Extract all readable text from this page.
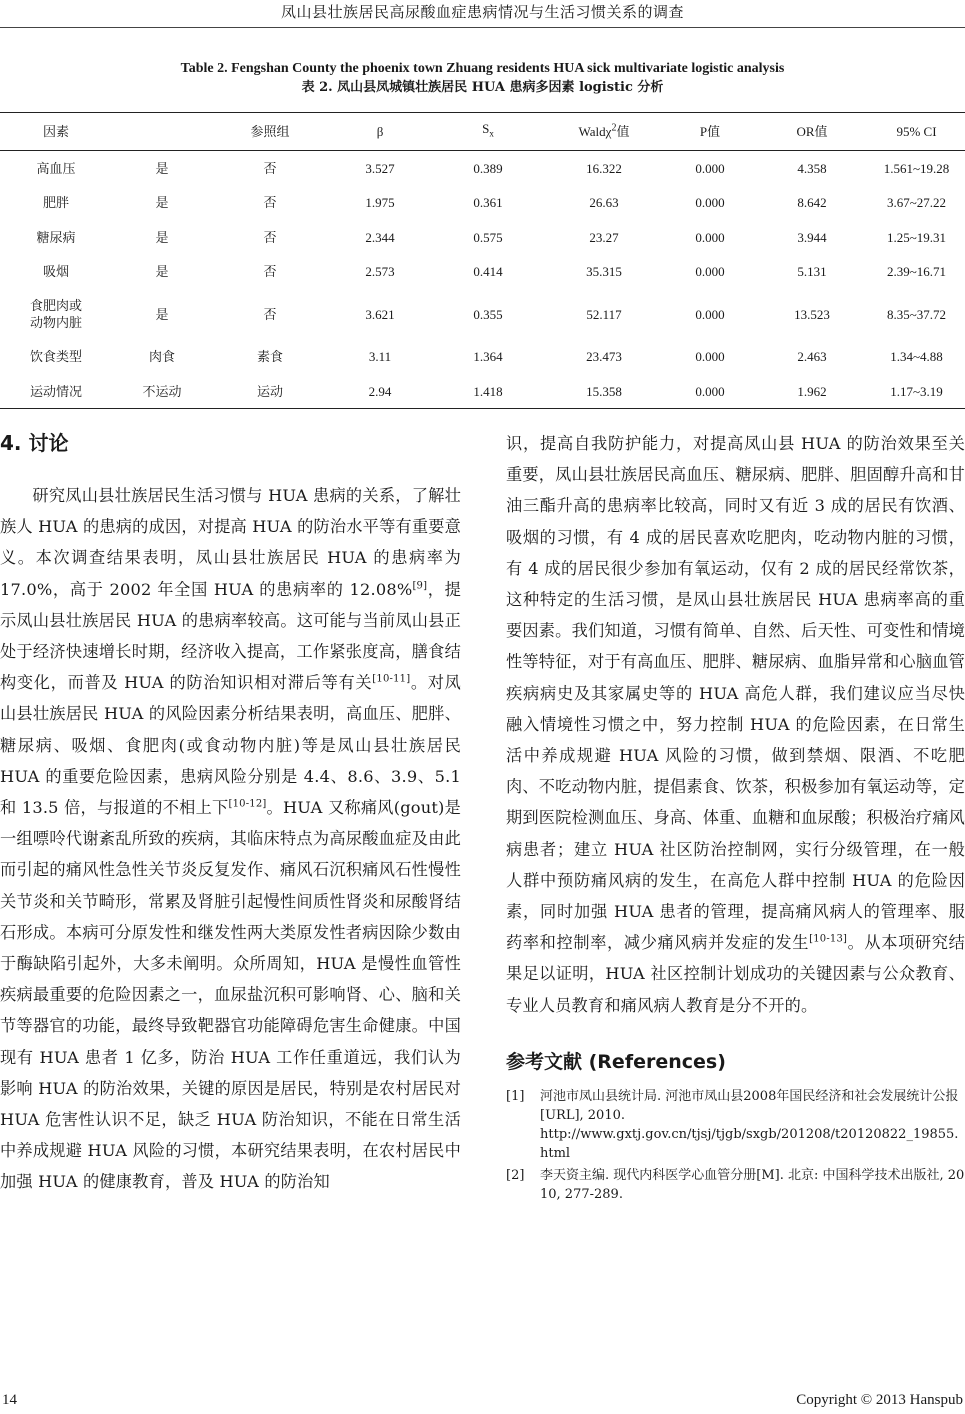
凤山县壮族居民高尿酸血症患病情况与生活习惯关系的调查
Table 2. Fengshan County the phoenix town Zhuang residents HUA sick multivariate logistic analysis
表 2. 凤山县凤城镇壮族居民 HUA 患病多因素 logistic 分析
因素		参照组	β	$S_x$	Waldχ$^2$值	P值	OR值	95% CI
高血压	是	否	3.527	0.389	16.322	0.000	4.358	1.561~19.28
肥胖	是	否	1.975	0.361	26.63	0.000	8.642	3.67~27.22
糖尿病	是	否	2.344	0.575	23.27	0.000	3.944	1.25~19.31
吸烟	是	否	2.573	0.414	35.315	0.000	5.131	2.39~16.71
食肥肉或
动物内脏	是	否	3.621	0.355	52.117	0.000	13.523	8.35~37.72
饮食类型	肉食	素食	3.11	1.364	23.473	0.000	2.463	1.34~4.88
运动情况	不运动	运动	2.94	1.418	15.358	0.000	1.962	1.17~3.19
4. 讨论

研究凤山县壮族居民生活习惯与 HUA 患病的关系，了解壮族人 HUA 的患病的成因，对提高 HUA 的防治水平等有重要意义。本次调查结果表明，凤山县壮族居民 HUA 的患病率为 17.0%，高于 2002 年全国 HUA 的患病率的 12.08%[9]，提示凤山县壮族居民 HUA 的患病率较高。这可能与当前凤山县正处于经济快速增长时期，经济收入提高，工作紧张度高，膳食结构变化，而普及 HUA 的防治知识相对滞后等有关[10-11]。对凤山县壮族居民 HUA 的风险因素分析结果表明，高血压、肥胖、糖尿病、吸烟、食肥肉(或食动物内脏)等是凤山县壮族居民 HUA 的重要危险因素，患病风险分别是 4.4、8.6、3.9、5.1 和 13.5 倍，与报道的不相上下[10-12]。HUA 又称痛风(gout)是一组嘌呤代谢紊乱所致的疾病，其临床特点为高尿酸血症及由此而引起的痛风性急性关节炎反复发作、痛风石沉积痛风石性慢性关节炎和关节畸形，常累及肾脏引起慢性间质性肾炎和尿酸肾结石形成。本病可分原发性和继发性两大类原发性者病因除少数由于酶缺陷引起外，大多未阐明。众所周知，HUA 是慢性血管性疾病最重要的危险因素之一，血尿盐沉积可影响肾、心、脑和关节等器官的功能，最终导致靶器官功能障碍危害生命健康。中国现有 HUA 患者 1 亿多，防治 HUA 工作任重道远，我们认为影响 HUA 的防治效果，关键的原因是居民，特别是农村居民对 HUA 危害性认识不足，缺乏 HUA 防治知识，不能在日常生活中养成规避 HUA 风险的习惯，本研究结果表明，在农村居民中加强 HUA 的健康教育，普及 HUA 的防治知

识，提高自我防护能力，对提高凤山县 HUA 的防治效果至关重要，凤山县壮族居民高血压、糖尿病、肥胖、胆固醇升高和甘油三酯升高的患病率比较高，同时又有近 3 成的居民有饮酒、吸烟的习惯，有 4 成的居民喜欢吃肥肉，吃动物内脏的习惯，有 4 成的居民很少参加有氧运动，仅有 2 成的居民经常饮茶，这种特定的生活习惯，是凤山县壮族居民 HUA 患病率高的重要因素。我们知道，习惯有简单、自然、后天性、可变性和情境性等特征，对于有高血压、肥胖、糖尿病、血脂异常和心脑血管疾病病史及其家属史等的 HUA 高危人群，我们建议应当尽快融入情境性习惯之中，努力控制 HUA 的危险因素，在日常生活中养成规避 HUA 风险的习惯，做到禁烟、限酒、不吃肥肉、不吃动物内脏，提倡素食、饮茶，积极参加有氧运动等，定期到医院检测血压、身高、体重、血糖和血尿酸；积极治疗痛风病患者；建立 HUA 社区防治控制网，实行分级管理，在一般人群中预防痛风病的发生，在高危人群中控制 HUA 的危险因素，同时加强 HUA 患者的管理，提高痛风病人的管理率、服药率和控制率，减少痛风病并发症的发生[10-13]。从本项研究结果足以证明，HUA 社区控制计划成功的关键因素与公众教育、专业人员教育和痛风病人教育是分不开的。

参考文献 (References)
[1]	河池市凤山县统计局. 河池市凤山县2008年国民经济和社会发展统计公报[URL], 2010.
http://www.gxtj.gov.cn/tjsj/tjgb/sxgb/201208/t20120822_19855.html
[2]	李天资主编. 现代内科医学心血管分册[M]. 北京: 中国科学技术出版社, 2010, 277-289.
14	Copyright © 2013 Hanspub
